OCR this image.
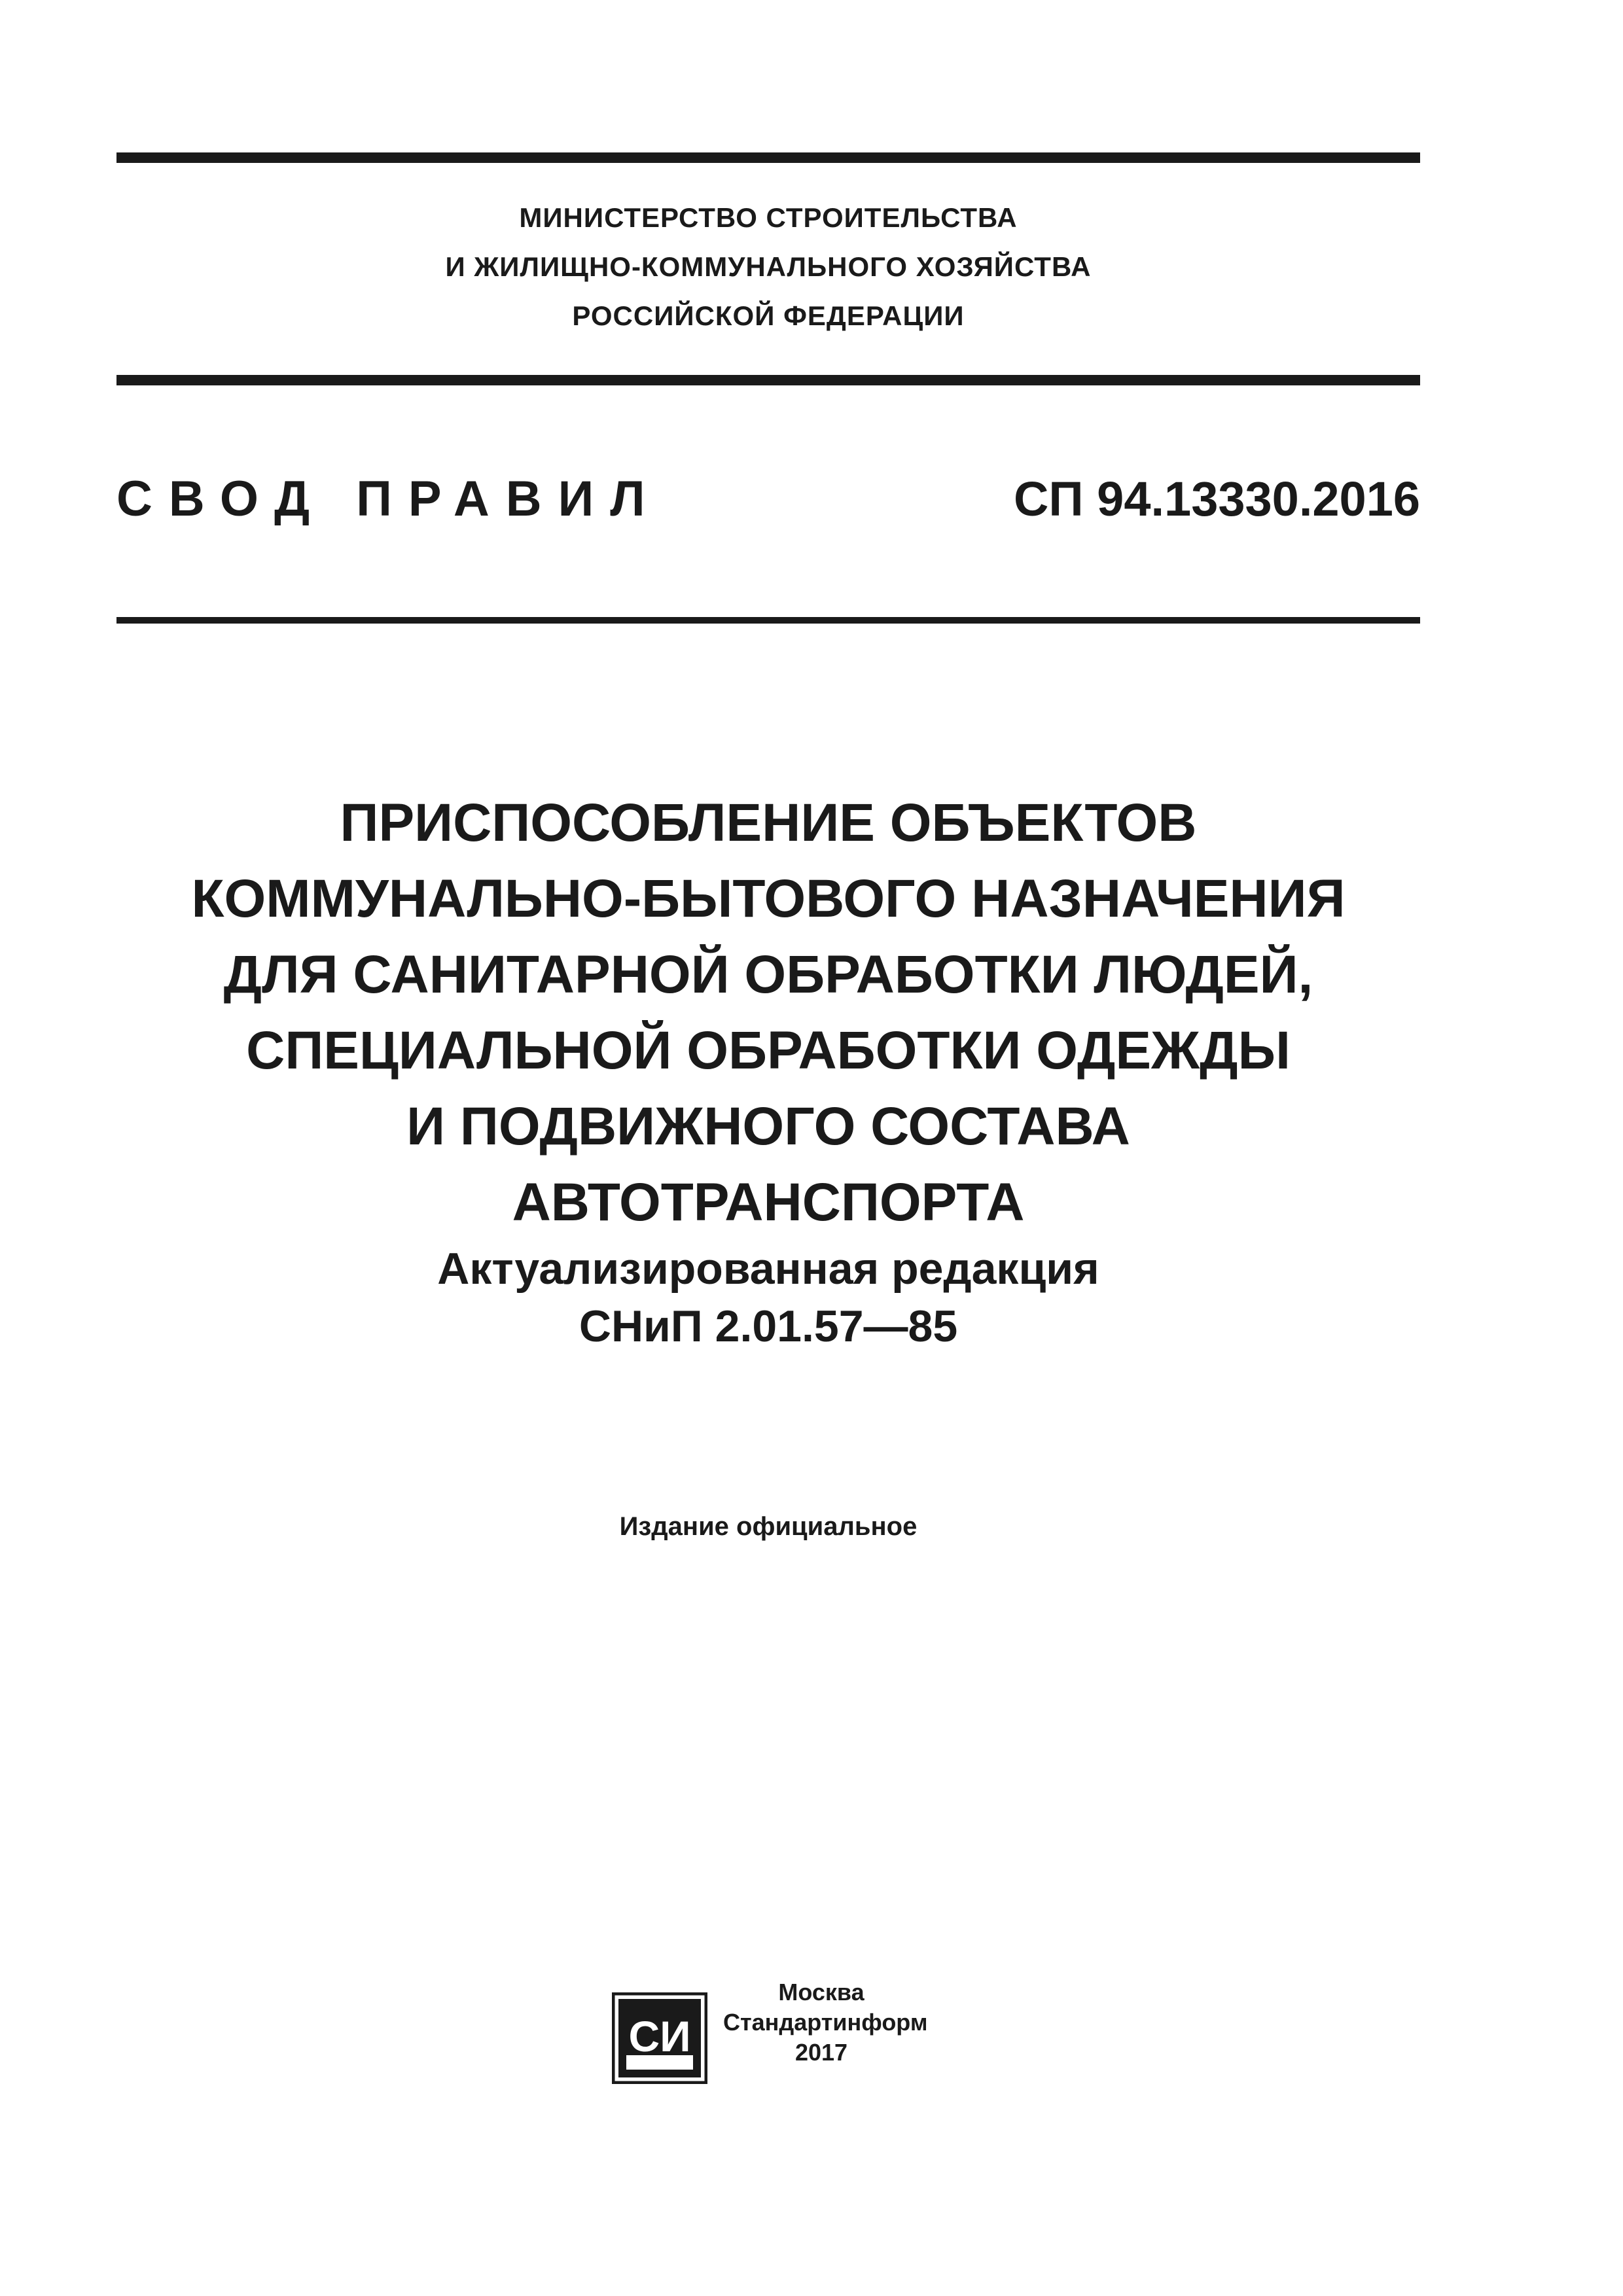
МИНИСТЕРСТВО СТРОИТЕЛЬСТВА
И ЖИЛИЩНО-КОММУНАЛЬНОГО ХОЗЯЙСТВА
РОССИЙСКОЙ ФЕДЕРАЦИИ
СВОД ПРАВИЛ	СП 94.13330.2016
ПРИСПОСОБЛЕНИЕ ОБЪЕКТОВ
КОММУНАЛЬНО-БЫТОВОГО НАЗНАЧЕНИЯ
ДЛЯ САНИТАРНОЙ ОБРАБОТКИ ЛЮДЕЙ,
СПЕЦИАЛЬНОЙ ОБРАБОТКИ ОДЕЖДЫ
И ПОДВИЖНОГО СОСТАВА
АВТОТРАНСПОРТА
Актуализированная редакция
СНиП 2.01.57—85
Издание официальное
СИ
Москва
Стандартинформ
2017
